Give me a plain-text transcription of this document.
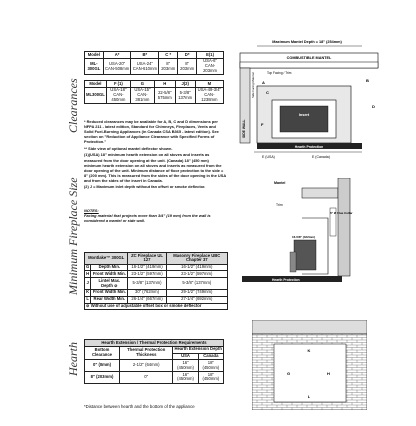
Clearances
Minimum Fireplace Size
Hearth
Model	A*	B*	C *	D*	E(1)
ML-300GL	USA-20" CAN-508mm	USA-24" CAN-610mm	8" 203mm	8" 203mm	USA-6" CAN-203mm
Model	F (1)	G	H	J(2)	M
ML300GL	USA-18" CAN-450mm	USA-15" CAN-381mm	22-5/8" 575mm	5-3/8" 137mm	USA-49-3/4" CAN-1238mm

* Reduced clearances may be available for A, B, C and D dimensions per NFPA 211 - latest edition, Standard for Chimneys, Fireplaces, Vents and Solid Fuel-Burning Appliances (in Canada CSA B365 - latest edition). See section on "Reduction of Appliance Clearance with Specified Forms of Protection."

** Side view of optional mantel deflector shown.

(1)(USA) 18" minimum hearth extension on all stoves and inserts as measured from the door opening at the unit. (Canada) 18" (450 mm) minimum hearth extension on all stoves and inserts as measured from the door opening of the unit. Minimum distance of floor protection to the side = 8" (200 mm). This is measured from the sides of the door opening in the USA and from the sides of the insert in Canada.

(2) J = Maximum inlet depth without fan offset or smoke deflector.

NOTES:

Facing material that projects more than 3/4" (19 mm) from the wall is considered a mantel or side wall.

Montlake™ 300GL		ZC Fireplace UL 127	Masonry Fireplace UBC Chapter 37
G	Depth Min.	16-1/2" (419mm)	16-1/2" (419mm)
H	Front Width Min.	23-1/2" (597mm)	23-1/2" (597mm)
J	Lintel Max. Depth ⊘	5-3/8" (137mm)	5-3/8" (137mm)
K	Front Width Min.	30" (762mm)	29-1/2" (749mm)
L	Rear Width Min.	26-1/4" (667mm)	27-1/4" (692mm)
⊘ Without use of adjustable offset box or smoke deflector			
Hearth Extension / Thermal Protection Requirements			
Bottom Clearance	Thermal Protection Thickness	Hearth Extension Depth	
		USA	Canada
0" (0mm)	2-1/2" (64mm)	16" (450mm)	18" (450mm)
8" (203mm)	0"	16" (450mm)	18" (450mm)
*Distance between hearth and the bottom of the appliance
Maximum Mantel Depth = 18" (254mm)
COMBUSTIBLE MANTEL
Top Facing / Trim
SIDE WALL
Side Facing Material
Insert
Hearth Protection
E (USA)	E (Canada)
A	B
C
D
F
Mantel
Trim
6" Ø Flue Collar
16-5/8" (422mm)
Hearth Protection
K
G	H
L
